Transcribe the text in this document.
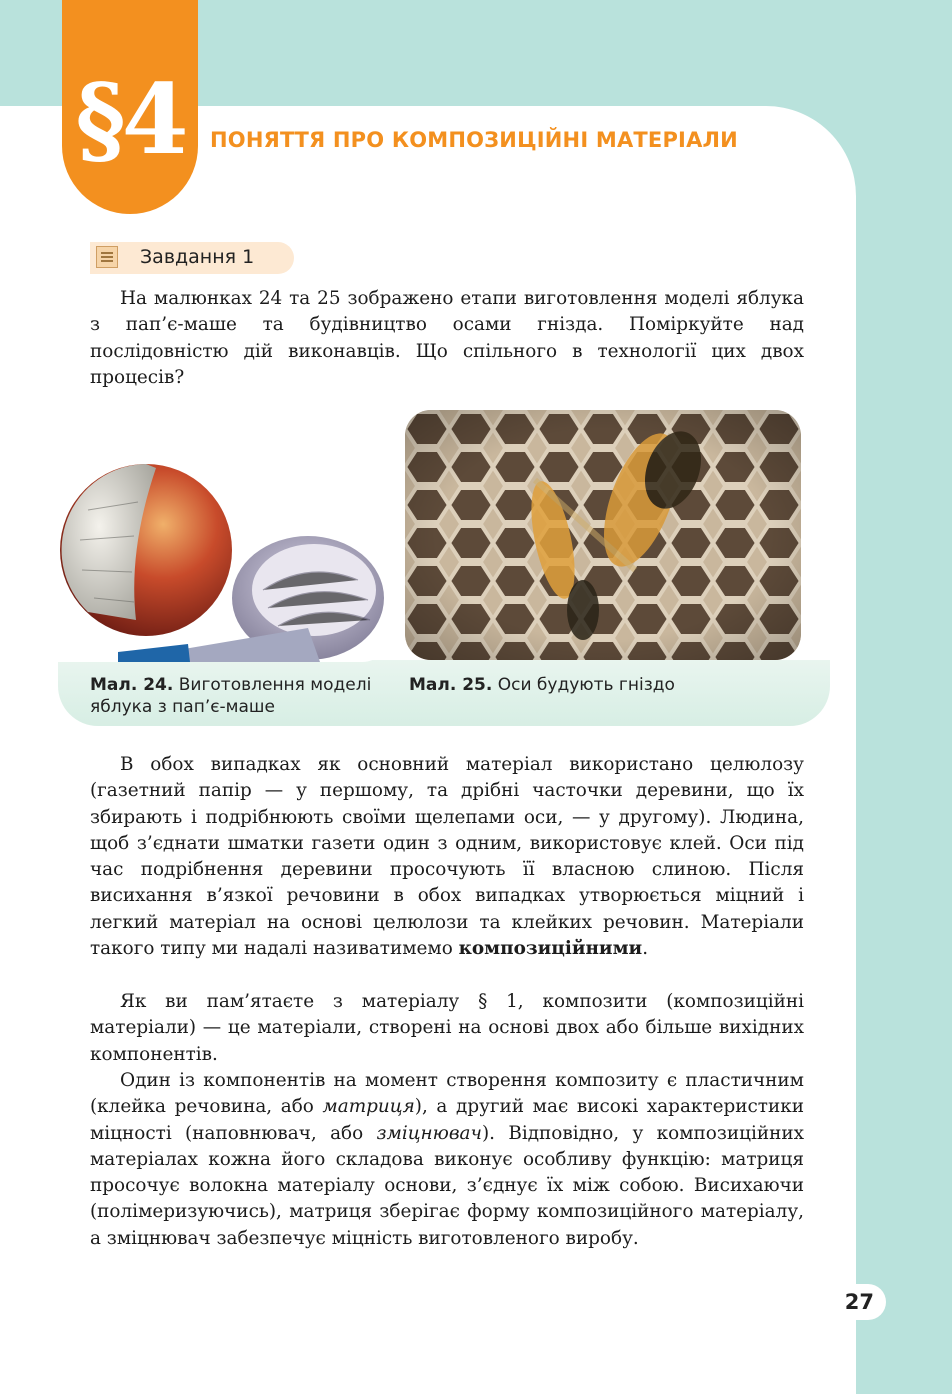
§4	ПОНЯТТЯ ПРО КОМПОЗИЦІЙНІ МАТЕРІАЛИ
Завдання 1

На малюнках 24 та 25 зображено етапи виготовлення моделі яблука з пап’є-маше та будівництво осами гнізда. Поміркуйте над послідовністю дій виконавців. Що спільного в технології цих двох процесів?

Мал. 24. Виготовлення моделі яблука з пап’є-маше
Мал. 25. Оси будують гніздо

В обох випадках як основний матеріал використано целюлозу (газетний папір — у першому, та дрібні часточки деревини, що їх збирають і подрібнюють своїми щелепами оси, — у другому). Людина, щоб з’єднати шматки газети один з одним, використовує клей. Оси під час подрібнення деревини просочують її власною слиною. Після висихання в’язкої речовини в обох випадках утворюється міцний і легкий матеріал на основі целюлози та клейких речовин. Матеріали такого типу ми надалі називатимемо композиційними.

Як ви пам’ятаєте з матеріалу § 1, композити (композиційні матеріали) — це матеріали, створені на основі двох або більше вихідних компонентів.

Один із компонентів на момент створення композиту є пластичним (клейка речовина, або матриця), а другий має високі характеристики міцності (наповнювач, або зміцнювач). Відповідно, у композиційних матеріалах кожна його складова виконує особливу функцію: матриця просочує волокна матеріалу основи, з’єднує їх між собою. Висихаючи (полімеризуючись), матриця зберігає форму композиційного матеріалу, а зміцнювач забезпечує міцність виготовленого виробу.

27
